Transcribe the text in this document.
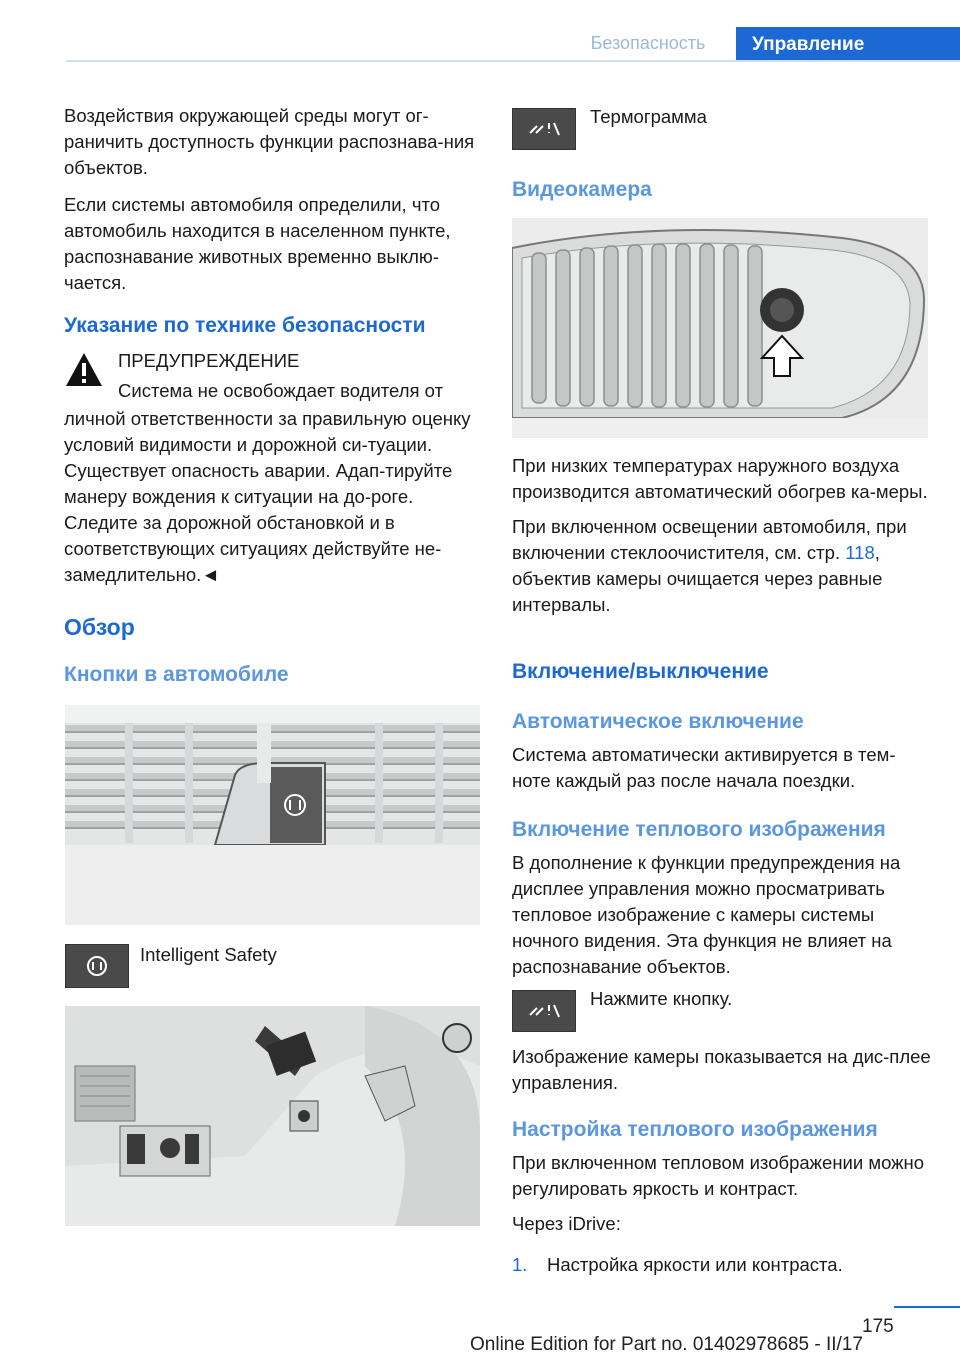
Безопасность	Управление

Воздействия окружающей среды могут ог-раничить доступность функции распознава-ния объектов.

Если системы автомобиля определили, что автомобиль находится в населенном пункте, распознавание животных временно выклю-чается.

Указание по технике безопасности
ПРЕДУПРЕЖДЕНИЕ
Система не освобождает водителя от

личной ответственности за правильную оценку условий видимости и дорожной си-туации. Существует опасность аварии. Адап-тируйте манеру вождения к ситуации на до-роге. Следите за дорожной обстановкой и в соответствующих ситуациях действуйте не-замедлительно.◄

Обзор
Кнопки в автомобиле
Intelligent Safety
Термограмма
Видеокамера

При низких температурах наружного воздуха производится автоматический обогрев ка-меры.

При включенном освещении автомобиля, при включении стеклоочистителя, см. стр. 118, объектив камеры очищается через равные интервалы.

Включение/выключение
Автоматическое включение

Система автоматически активируется в тем-ноте каждый раз после начала поездки.

Включение теплового изображения

В дополнение к функции предупреждения на дисплее управления можно просматривать тепловое изображение с камеры системы ночного видения. Эта функция не влияет на распознавание объектов.

Нажмите кнопку.

Изображение камеры показывается на дис-плее управления.

Настройка теплового изображения

При включенном тепловом изображении можно регулировать яркость и контраст.

Через iDrive:

1. Настройка яркости или контраста.
175
Online Edition for Part no. 01402978685 - II/17
